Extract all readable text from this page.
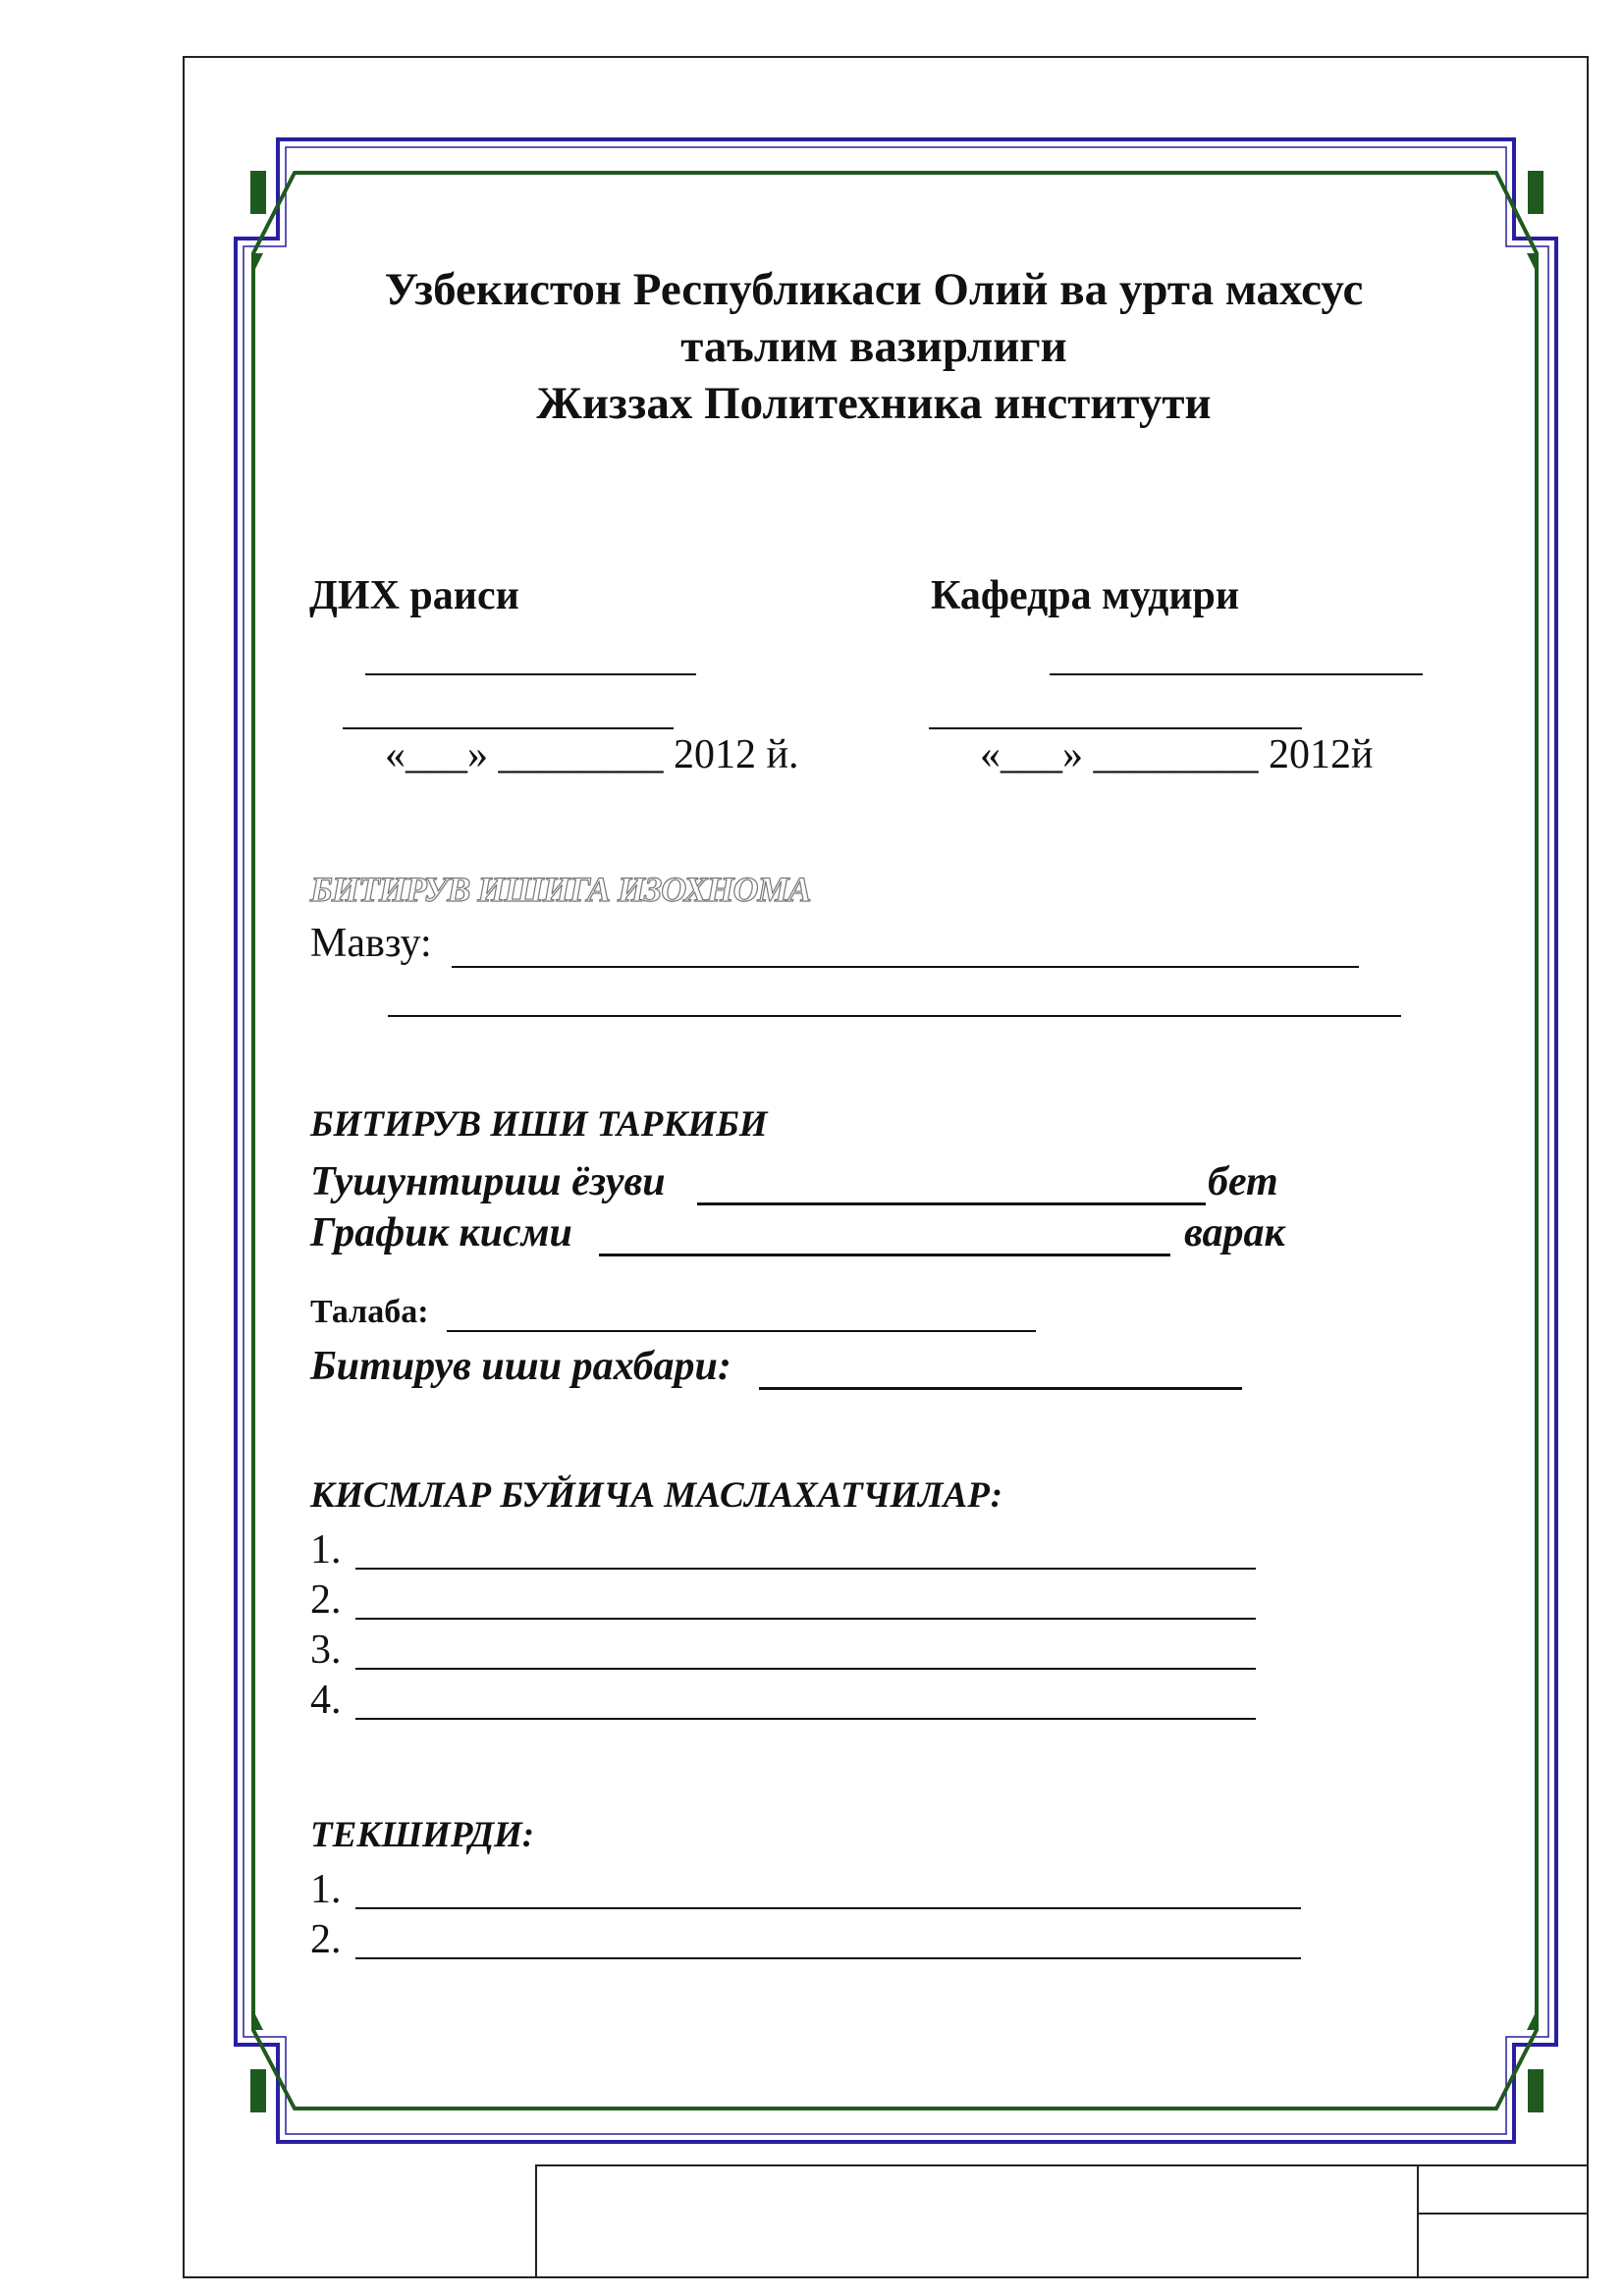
Узбекистон Республикаси Олий ва урта махсус
таълим вазирлиги
Жиззах Политехника институти
ДИХ раиси	Кафедра мудири
«___» ________ 2012 й.	«___» ________ 2012й
БИТИРУВ ИШИГА ИЗОХНОМА
Мавзу:
БИТИРУВ ИШИ ТАРКИБИ
Тушунтириш ёзуви	бет
График кисми	варак
Талаба:
Битирув иши рахбари:
КИСМЛАР БУЙИЧА МАСЛАХАТЧИЛАР:
1.
2.
3.
4.
ТЕКШИРДИ:
1.
2.
